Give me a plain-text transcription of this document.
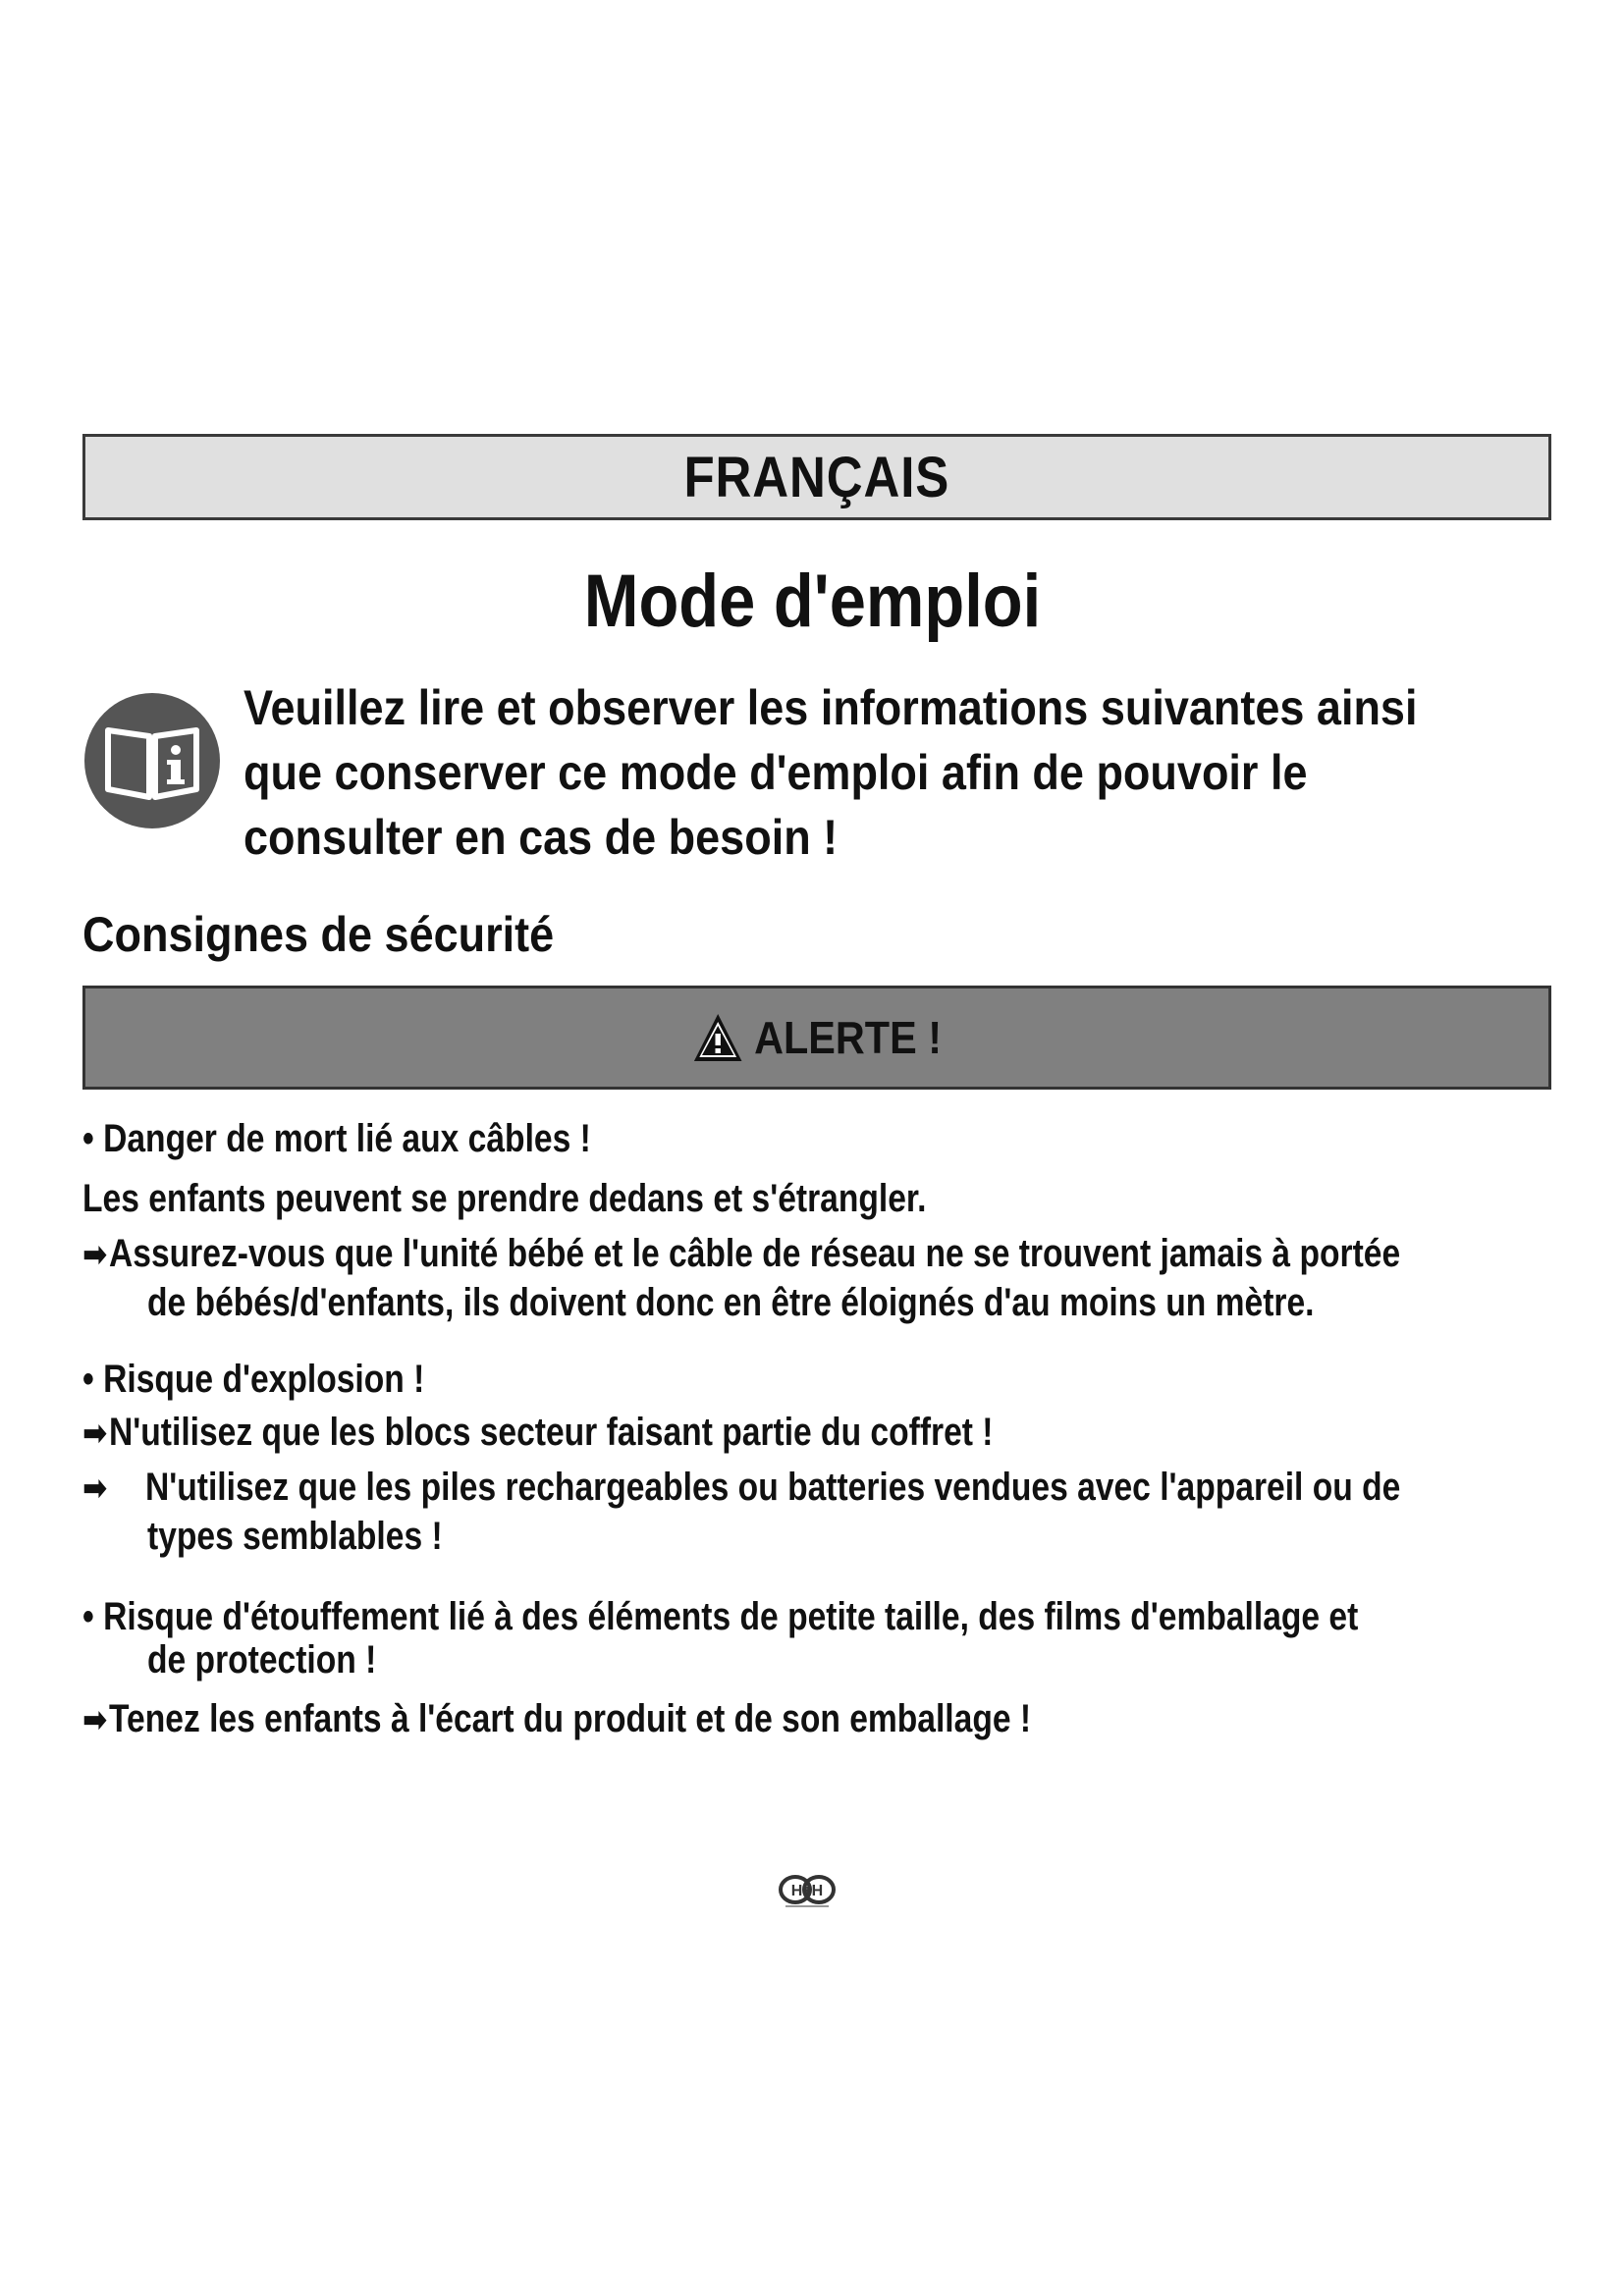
FRANÇAIS
Mode d'emploi
Veuillez lire et observer les informations suivantes ainsi que conserver ce mode d'emploi afin de pouvoir le consulter en cas de besoin !
Consignes de sécurité
ALERTE !
• Danger de mort lié aux câbles !
Les enfants peuvent se prendre dedans et s'étrangler.
➡Assurez-vous que l'unité bébé et le câble de réseau ne se trouvent jamais à portée
de bébés/d'enfants, ils doivent donc en être éloignés d'au moins un mètre.
• Risque d'explosion !
➡N'utilisez que les blocs secteur faisant partie du coffret !
➡ N'utilisez que les piles rechargeables ou batteries vendues avec l'appareil ou de
types semblables !
• Risque d'étouffement lié à des éléments de petite taille, des films d'emballage et
de protection !
➡Tenez les enfants à l'écart du produit et de son emballage !
H+H
